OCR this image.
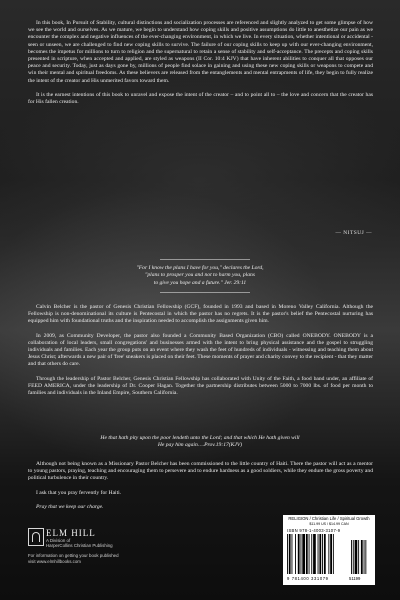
In this book, In Pursuit of Stability, cultural distinctions and socialization processes are referenced and slightly analyzed to get some glimpse of how we see the world and ourselves. As we mature, we begin to understand how coping skills and positive assumptions do little to anesthetize our pain as we encounter the complex and negative influences of the ever-changing environment, in which we live. In every situation, whether intentional or accidental - seen or unseen, we are challenged to find new coping skills to survive. The failure of our coping skills to keep up with our ever-changing environment, becomes the impetus for millions to turn to religion and the supernatural to retain a sense of stability and self-acceptance. The precepts and coping skills presented in scripture, when accepted and applied, are styled as weapons (II Cor. 10:4 KJV) that have inherent abilities to conquer all that opposes our peace and security. Today, just as days gone by, millions of people find solace in gaining and using these new coping skills or weapons to compete and win their mental and spiritual freedoms. As these believers are released from the entanglements and mental entrapments of life, they begin to fully realize the intent of the creator and His unmerited favors toward them.

It is the earnest intentions of this book to unravel and expose the intent of the creator – and to point all to – the love and concern that the creator has for His fallen creation.

— NITSUJ —
"For I know the plans I have for you," declares the Lord,
"plans to prosper you and not to harm you, plans
to give you hope and a future." Jer. 29:11

Calvin Belcher is the pastor of Genesis Christian Fellowship (GCF), founded in 1993 and based in Moreno Valley California. Although the Fellowship is non-denominational its culture is Pentecostal in which the pastor has no regrets. It is the pastor's belief the Pentecostal nurturing has equipped him with foundational truths and the inspiration needed to accomplish the assignments given him.

In 2009, as Community Developer, the pastor also founded a Community Based Organization (CBO) called ONEBODY. ONEBODY is a collaboration of local leaders, small congregations' and businesses armed with the intent to bring physical assistance and the gospel to struggling individuals and families. Each year the group puts on an event where they wash the feet of hundreds of individuals - witnessing and teaching them about Jesus Christ; afterwards a new pair of 'free' sneakers is placed on their feet. These moments of prayer and charity convey to the recipient - that they matter and that others do care.

Through the leadership of Pastor Belcher, Genesis Christian Fellowship has collaborated with Unity of the Faith, a food band under, an affiliate of FEED AMERICA, under the leadership of Dr. Cooper Hagan. Together the partnership distributes between 5000 to 7000 lbs. of food per month to families and individuals in the Inland Empire, Southern California.

He that hath pity upon the poor lendeth unto the Lord; and that which He hath given will
He pay him again….Prov.19:17(KJV)

Although not being known as a Missionary Pastor Belcher has been commissioned to the little country of Haiti. There the pastor will act as a mentor to young pastors, praying, teaching and encouraging them to persevere and to endure hardness as a good soldiers, while they endure the gross poverty and political turbulence in their country.

I ask that you pray fervently for Haiti.

Pray that we keep our charge.

ELM HILL
A Division of
HarperCollins Christian Publishing
For information on getting your book published
visit www.elmhillbooks.com
RELIGION / Christian Life / Spiritual Growth
$11.99 US / $14.99 CAN
ISBN 978-1-4003-3107-9
9 781400 331079	51199
